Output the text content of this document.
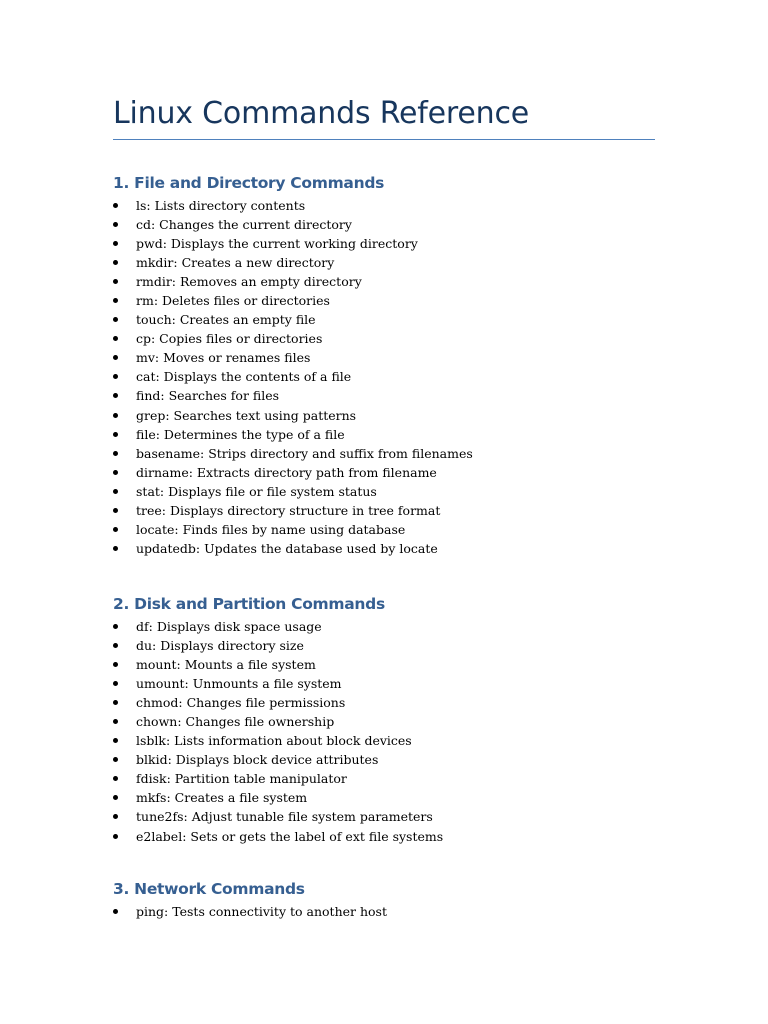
Linux Commands Reference
1. File and Directory Commands
ls: Lists directory contents
cd: Changes the current directory
pwd: Displays the current working directory
mkdir: Creates a new directory
rmdir: Removes an empty directory
rm: Deletes files or directories
touch: Creates an empty file
cp: Copies files or directories
mv: Moves or renames files
cat: Displays the contents of a file
find: Searches for files
grep: Searches text using patterns
file: Determines the type of a file
basename: Strips directory and suffix from filenames
dirname: Extracts directory path from filename
stat: Displays file or file system status
tree: Displays directory structure in tree format
locate: Finds files by name using database
updatedb: Updates the database used by locate
2. Disk and Partition Commands
df: Displays disk space usage
du: Displays directory size
mount: Mounts a file system
umount: Unmounts a file system
chmod: Changes file permissions
chown: Changes file ownership
lsblk: Lists information about block devices
blkid: Displays block device attributes
fdisk: Partition table manipulator
mkfs: Creates a file system
tune2fs: Adjust tunable file system parameters
e2label: Sets or gets the label of ext file systems
3. Network Commands
ping: Tests connectivity to another host
